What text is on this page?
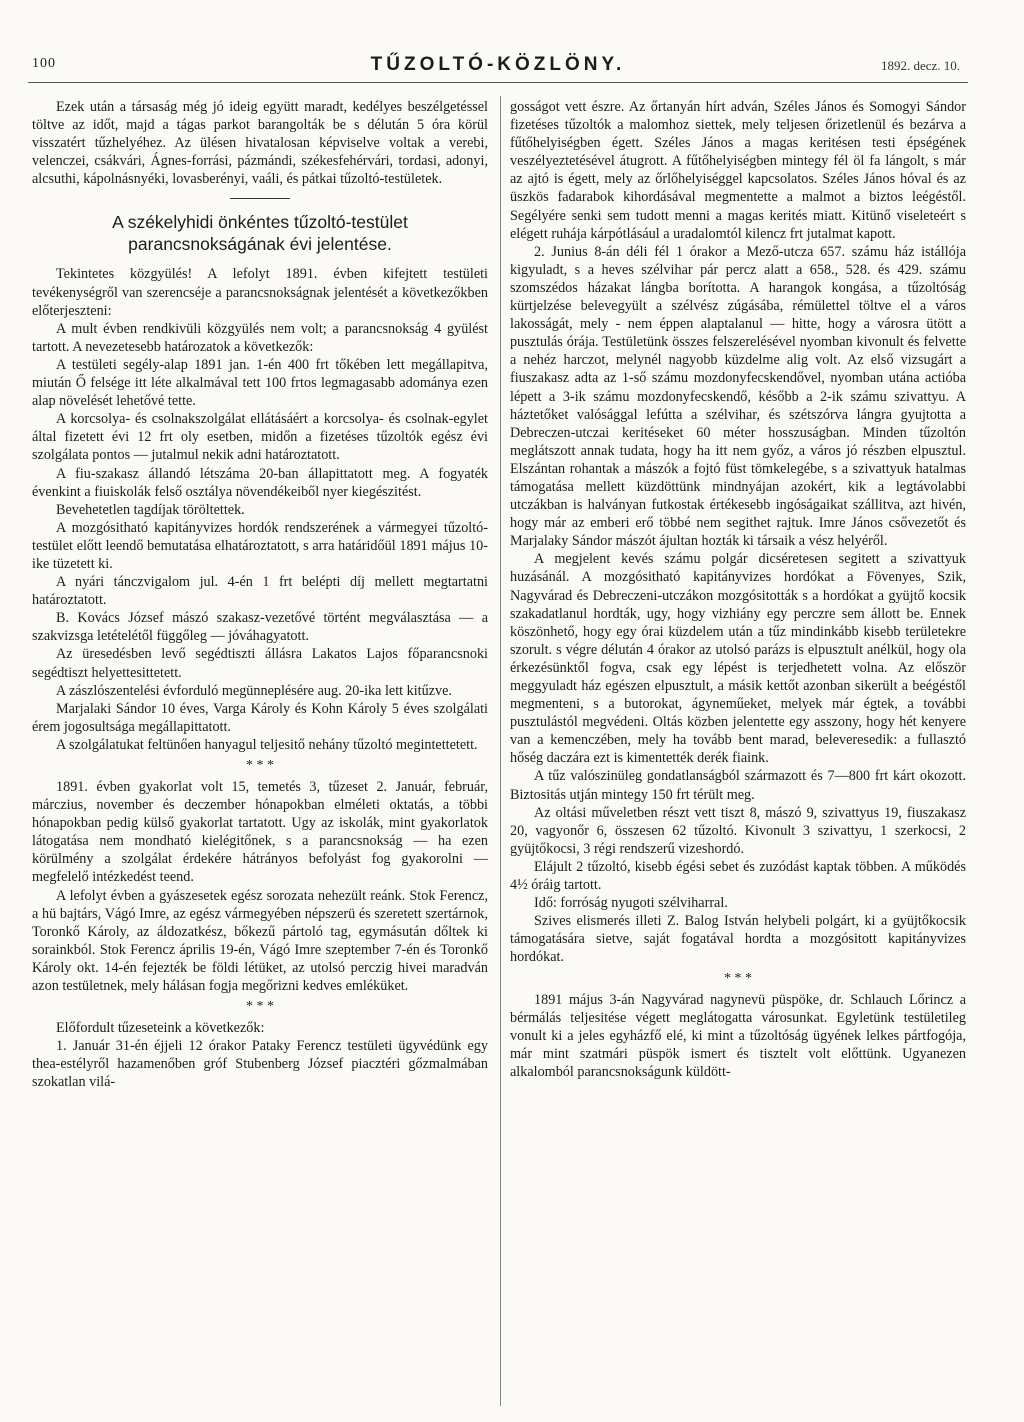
100	TŰZOLTÓ-KÖZLÖNY.	1892. decz. 10.

Ezek után a társaság még jó ideig együtt maradt, kedélyes beszélgetéssel töltve az időt, majd a tágas parkot barangolták be s délután 5 óra körül visszatért tűzhelyéhez. Az ülésen hivatalosan képviselve voltak a verebi, velenczei, csákvári, Ágnes-forrási, pázmándi, székesfehérvári, tordasi, adonyi, alcsuthi, kápolnásnyéki, lovasberényi, vaáli, és pátkai tűzoltó-testületek.

A székelyhidi önkéntes tűzoltó-testület parancsnokságának évi jelentése.

Tekintetes közgyülés! A lefolyt 1891. évben kifejtett testületi tevékenységről van szerencséje a parancsnokságnak jelentését a következőkben előterjeszteni:

A mult évben rendkivüli közgyülés nem volt; a parancsnokság 4 gyülést tartott. A nevezetesebb határozatok a következők:

A testületi segély-alap 1891 jan. 1-én 400 frt tőkében lett megállapitva, miután Ő felsége itt léte alkalmával tett 100 frtos legmagasabb adománya ezen alap növelését lehetővé tette.

A korcsolya- és csolnakszolgálat ellátásáért a korcsolya- és csolnak-egylet által fizetett évi 12 frt oly esetben, midőn a fizetéses tűzoltók egész évi szolgálata pontos — jutalmul nekik adni határoztatott.

A fiu-szakasz állandó létszáma 20-ban állapittatott meg. A fogyaték évenkint a fiuiskolák felső osztálya növendékeiből nyer kiegészitést.

Bevehetetlen tagdíjak töröltettek.

A mozgósitható kapitányvizes hordók rendszerének a vármegyei tűzoltó-testület előtt leendő bemutatása elhatároztatott, s arra határidőül 1891 május 10-ike tüzetett ki.

A nyári tánczvigalom jul. 4-én 1 frt belépti díj mellett megtartatni határoztatott.

B. Kovács József mászó szakasz-vezetővé történt megválasztása — a szakvizsga letételétől függőleg — jóváhagyatott.

Az üresedésben levő segédtiszti állásra Lakatos Lajos főparancsnoki segédtiszt helyettesittetett.

A zászlószentelési évforduló megünneplésére aug. 20-ika lett kitűzve.

Marjalaki Sándor 10 éves, Varga Károly és Kohn Károly 5 éves szolgálati érem jogosultsága megállapittatott.

A szolgálatukat feltünően hanyagul teljesitő nehány tűzoltó megintettetett.

* * *

1891. évben gyakorlat volt 15, temetés 3, tűzeset 2. Január, február, márczius, november és deczember hónapokban elméleti oktatás, a többi hónapokban pedig külső gyakorlat tartatott. Ugy az iskolák, mint gyakorlatok látogatása nem mondható kielégitőnek, s a parancsnokság — ha ezen körülmény a szolgálat érdekére hátrányos befolyást fog gyakorolni — megfelelő intézkedést teend.

A lefolyt évben a gyászesetek egész sorozata nehezült reánk. Stok Ferencz, a hü bajtárs, Vágó Imre, az egész vármegyében népszerü és szeretett szertárnok, Toronkő Károly, az áldozatkész, bőkezű pártoló tag, egymásután dőltek ki sorainkból. Stok Ferencz április 19-én, Vágó Imre szeptember 7-én és Toronkő Károly okt. 14-én fejezték be földi létüket, az utolsó perczig hivei maradván azon testületnek, mely hálásan fogja megőrizni kedves emléküket.

* * *

Előfordult tűzeseteink a következők:

1. Január 31-én éjjeli 12 órakor Pataky Ferencz testületi ügyvédünk egy thea-estélyről hazamenőben gróf Stubenberg József piacztéri gőzmalmában szokatlan vilá-

gosságot vett észre. Az őrtanyán hírt adván, Széles János és Somogyi Sándor fizetéses tűzoltók a malomhoz siettek, mely teljesen őrizetlenül és bezárva a fűtőhelyiségben égett. Széles János a magas keritésen testi épségének veszélyeztetésével átugrott. A fűtőhelyiségben mintegy fél öl fa lángolt, s már az ajtó is égett, mely az őrlőhelyiséggel kapcsolatos. Széles János hóval és az üszkös fadarabok kihordásával megmentette a malmot a biztos leégéstől. Segélyére senki sem tudott menni a magas kerités miatt. Kitünő viseleteért s elégett ruhája kárpótlásául a uradalomtól kilencz frt jutalmat kapott.

2. Junius 8-án déli fél 1 órakor a Mező-utcza 657. számu ház istállója kigyuladt, s a heves szélvihar pár percz alatt a 658., 528. és 429. számu szomszédos házakat lángba borította. A harangok kongása, a tűzoltóság kürtjelzése belevegyült a szélvész zúgásába, rémülettel töltve el a város lakosságát, mely - nem éppen alaptalanul — hitte, hogy a városra ütött a pusztulás órája. Testületünk összes felszerelésével nyomban kivonult és felvette a nehéz harczot, melynél nagyobb küzdelme alig volt. Az első vizsugárt a fiuszakasz adta az 1-ső számu mozdonyfecskendővel, nyomban utána actióba lépett a 3-ik számu mozdonyfecskendő, később a 2-ik számu szivattyu. A háztetőket valósággal lefútta a szélvihar, és szétszórva lángra gyujtotta a Debreczen-utczai keritéseket 60 méter hosszuságban. Minden tűzoltón meglátszott annak tudata, hogy ha itt nem győz, a város jó részben elpusztul. Elszántan rohantak a mászók a fojtó füst tömkelegébe, s a szivattyuk hatalmas támogatása mellett küzdöttünk mindnyájan azokért, kik a legtávolabbi utczákban is halványan futkostak értékesebb ingóságaikat szállitva, azt hivén, hogy már az emberi erő többé nem segithet rajtuk. Imre János csővezetőt és Marjalaky Sándor mászót ájultan hozták ki társaik a vész helyéről.

A megjelent kevés számu polgár dicséretesen segitett a szivattyuk huzásánál. A mozgósitható kapitányvizes hordókat a Fövenyes, Szik, Nagyvárad és Debreczeni-utczákon mozgósitották s a hordókat a gyüjtő kocsik szakadatlanul hordták, ugy, hogy vizhiány egy perczre sem állott be. Ennek köszönhető, hogy egy órai küzdelem után a tűz mindinkább kisebb területekre szorult. s végre délután 4 órakor az utolsó parázs is elpusztult anélkül, hogy ola érkezésünktől fogva, csak egy lépést is terjedhetett volna. Az először meggyuladt ház egészen elpusztult, a másik kettőt azonban sikerült a beégéstől megmenteni, s a butorokat, ágyneműeket, melyek már égtek, a további pusztulástól megvédeni. Oltás közben jelentette egy asszony, hogy hét kenyere van a kemenczében, mely ha tovább bent marad, beleveresedik: a fullasztó hőség daczára ezt is kimentették derék fiaink.

A tűz valószinüleg gondatlanságból származott és 7—800 frt kárt okozott. Biztositás utján mintegy 150 frt térült meg.

Az oltási műveletben részt vett tiszt 8, mászó 9, szivattyus 19, fiuszakasz 20, vagyonőr 6, összesen 62 tűzoltó. Kivonult 3 szivattyu, 1 szerkocsi, 2 gyüjtőkocsi, 3 régi rendszerű vizeshordó.

Elájult 2 tűzoltó, kisebb égési sebet és zuzódást kaptak többen. A működés 4½ óráig tartott.

Idő: forróság nyugoti szélviharral.

Szives elismerés illeti Z. Balog István helybeli polgárt, ki a gyüjtőkocsik támogatására sietve, saját fogatával hordta a mozgósitott kapitányvizes hordókat.

* * *

1891 május 3-án Nagyvárad nagynevü püspöke, dr. Schlauch Lőrincz a bérmálás teljesitése végett meglátogatta városunkat. Egyletünk testületileg vonult ki a jeles egyházfő elé, ki mint a tűzoltóság ügyének lelkes pártfogója, már mint szatmári püspök ismert és tisztelt volt előttünk. Ugyanezen alkalomból parancsnokságunk küldött-
